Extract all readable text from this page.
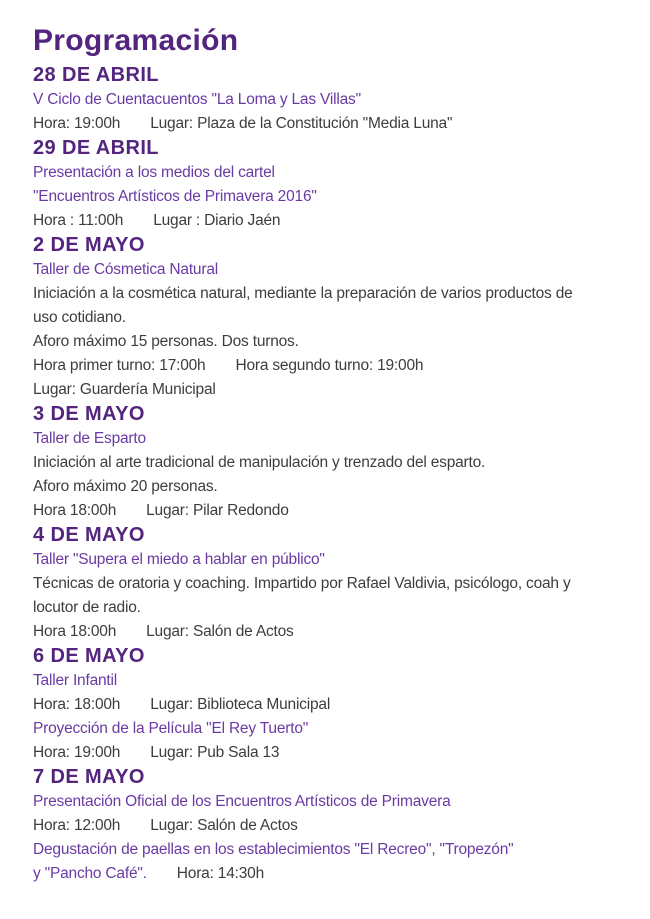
Programación
28 DE ABRIL
V Ciclo de Cuentacuentos "La Loma y Las Villas"
Hora: 19:00h Lugar: Plaza de la Constitución "Media Luna"
29 DE ABRIL
Presentación a los medios del cartel
"Encuentros Artísticos de Primavera 2016"
Hora : 11:00h Lugar : Diario Jaén
2 DE MAYO
Taller de Cósmetica Natural
Iniciación a la cosmética natural, mediante la preparación de varios productos de
uso cotidiano.
Aforo máximo 15 personas. Dos turnos.
Hora primer turno: 17:00h Hora segundo turno: 19:00h
Lugar: Guardería Municipal
3 DE MAYO
Taller de Esparto
Iniciación al arte tradicional de manipulación y trenzado del esparto.
Aforo máximo 20 personas.
Hora 18:00h Lugar: Pilar Redondo
4 DE MAYO
Taller "Supera el miedo a hablar en público"
Técnicas de oratoria y coaching. Impartido por Rafael Valdivia, psicólogo, coah y
locutor de radio.
Hora 18:00h Lugar: Salón de Actos
6 DE MAYO
Taller Infantil
Hora: 18:00h Lugar: Biblioteca Municipal
Proyección de la Película "El Rey Tuerto"
Hora: 19:00h Lugar: Pub Sala 13
7 DE MAYO
Presentación Oficial de los Encuentros Artísticos de Primavera
Hora: 12:00h Lugar: Salón de Actos
Degustación de paellas en los establecimientos "El Recreo", "Tropezón"
y "Pancho Café". Hora: 14:30h
